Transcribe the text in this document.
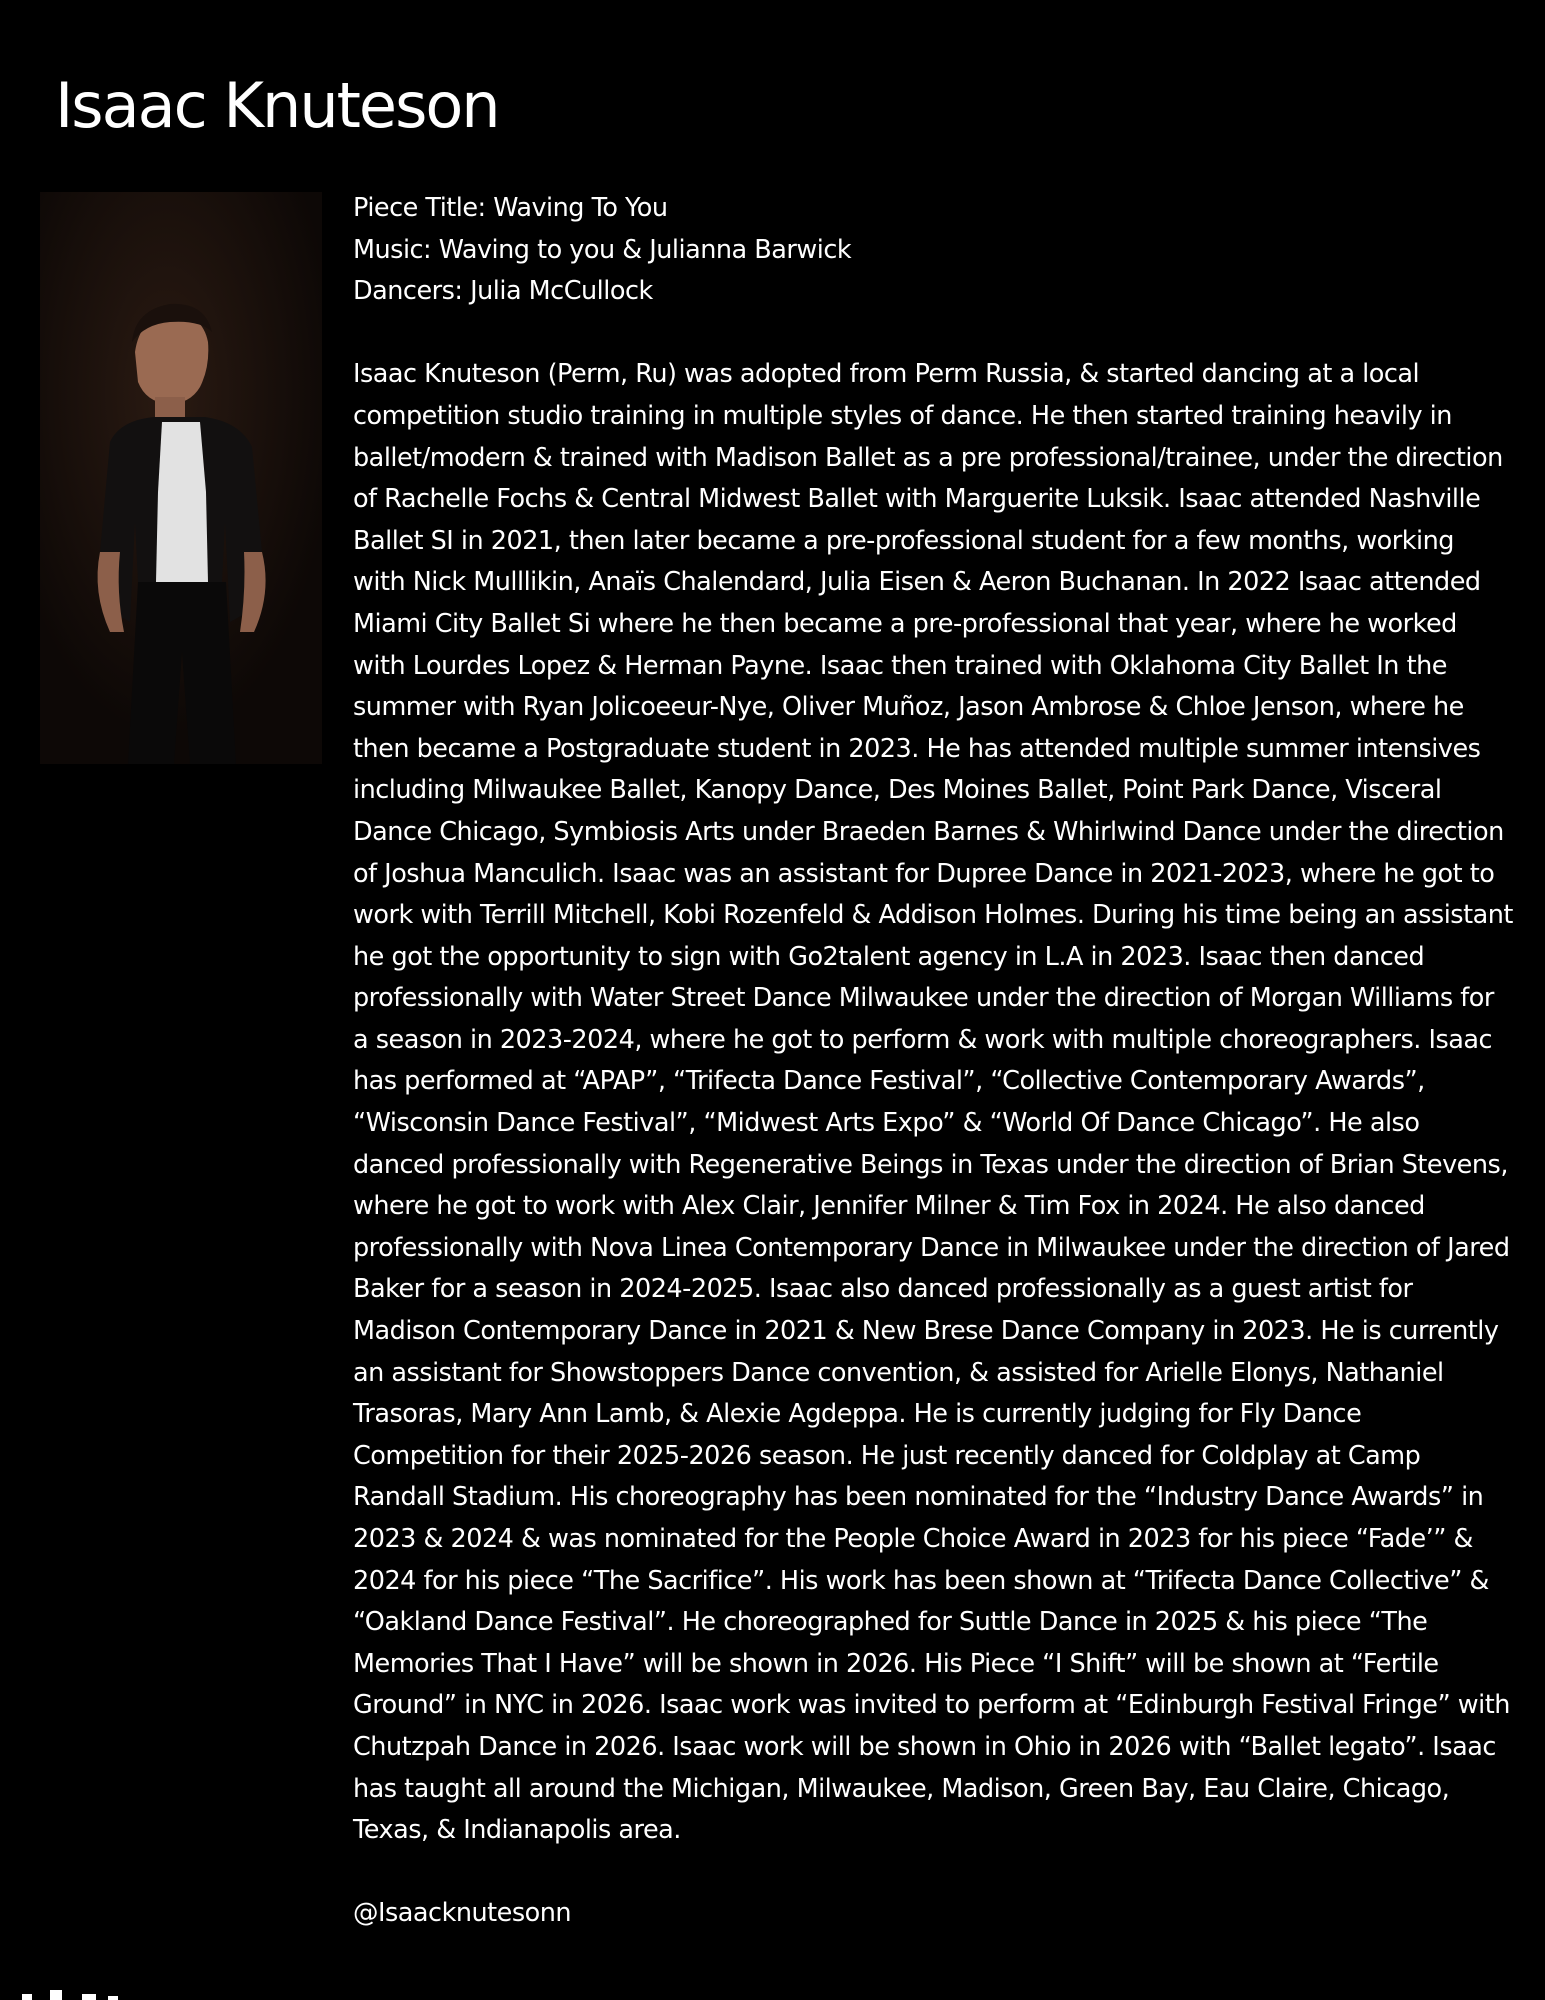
Isaac Knuteson
Piece Title: Waving To You
Music: Waving to you & Julianna Barwick
Dancers: Julia McCullock

Isaac Knuteson (Perm, Ru) was adopted from Perm Russia, & started dancing at a local competition studio training in multiple styles of dance. He then started training heavily in ballet/modern & trained with Madison Ballet as a pre professional/trainee, under the direction of Rachelle Fochs & Central Midwest Ballet with Marguerite Luksik. Isaac attended Nashville Ballet SI in 2021, then later became a pre-professional student for a few months, working with Nick Mulllikin, Anaïs Chalendard, Julia Eisen & Aeron Buchanan. In 2022 Isaac attended Miami City Ballet Si where he then became a pre-professional that year, where he worked with Lourdes Lopez & Herman Payne. Isaac then trained with Oklahoma City Ballet In the summer with Ryan Jolicoeeur-Nye, Oliver Muñoz, Jason Ambrose & Chloe Jenson, where he then became a Postgraduate student in 2023. He has attended multiple summer intensives including Milwaukee Ballet, Kanopy Dance, Des Moines Ballet, Point Park Dance, Visceral Dance Chicago, Symbiosis Arts under Braeden Barnes & Whirlwind Dance under the direction of Joshua Manculich. Isaac was an assistant for Dupree Dance in 2021-2023, where he got to work with Terrill Mitchell, Kobi Rozenfeld & Addison Holmes. During his time being an assistant he got the opportunity to sign with Go2talent agency in L.A in 2023. Isaac then danced professionally with Water Street Dance Milwaukee under the direction of Morgan Williams for a season in 2023-2024, where he got to perform & work with multiple choreographers. Isaac has performed at “APAP”, “Trifecta Dance Festival”, “Collective Contemporary Awards”, “Wisconsin Dance Festival”, “Midwest Arts Expo” & “World Of Dance Chicago”. He also danced professionally with Regenerative Beings in Texas under the direction of Brian Stevens, where he got to work with Alex Clair, Jennifer Milner & Tim Fox in 2024. He also danced professionally with Nova Linea Contemporary Dance in Milwaukee under the direction of Jared Baker for a season in 2024-2025. Isaac also danced professionally as a guest artist for Madison Contemporary Dance in 2021 & New Brese Dance Company in 2023. He is currently an assistant for Showstoppers Dance convention, & assisted for Arielle Elonys, Nathaniel Trasoras, Mary Ann Lamb, & Alexie Agdeppa. He is currently judging for Fly Dance Competition for their 2025-2026 season. He just recently danced for Coldplay at Camp Randall Stadium. His choreography has been nominated for the “Industry Dance Awards” in 2023 & 2024 & was nominated for the People Choice Award in 2023 for his piece “Fade’” & 2024 for his piece “The Sacrifice”. His work has been shown at “Trifecta Dance Collective” & “Oakland Dance Festival”. He choreographed for Suttle Dance in 2025 & his piece “The Memories That I Have” will be shown in 2026. His Piece “I Shift” will be shown at “Fertile Ground” in NYC in 2026. Isaac work was invited to perform at “Edinburgh Festival Fringe” with Chutzpah Dance in 2026. Isaac work will be shown in Ohio in 2026 with “Ballet legato”. Isaac has taught all around the Michigan, Milwaukee, Madison, Green Bay, Eau Claire, Chicago, Texas, & Indianapolis area.

@Isaacknutesonn
